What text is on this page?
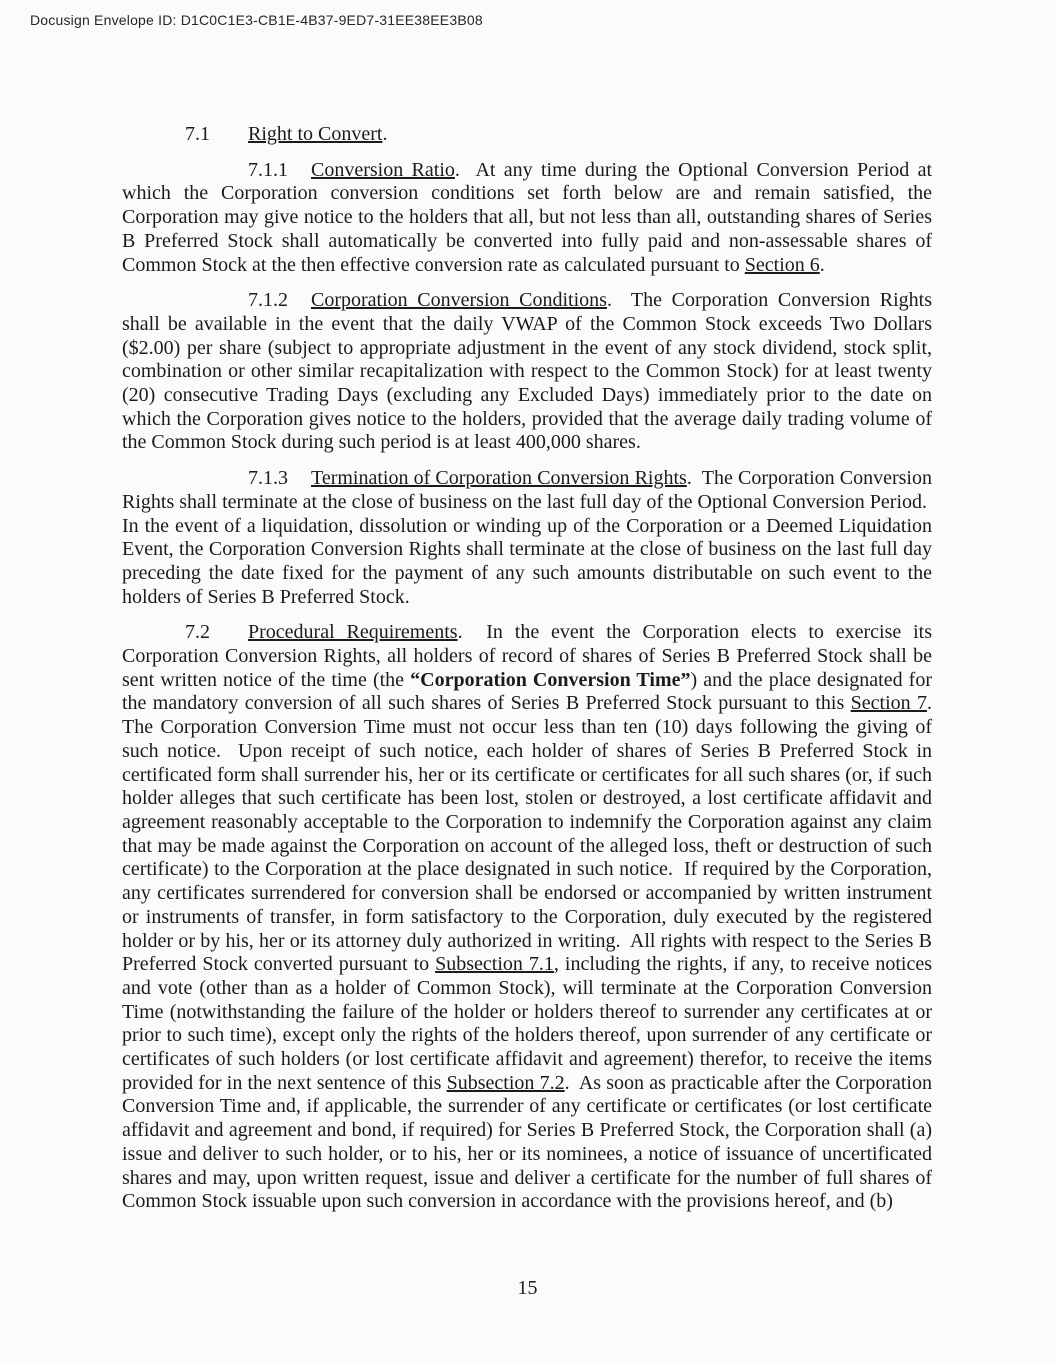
Docusign Envelope ID: D1C0C1E3-CB1E-4B37-9ED7-31EE38EE3B08

7.1 Right to Convert.

7.1.1 Conversion Ratio.  At any time during the Optional Conversion Period at which the Corporation conversion conditions set forth below are and remain satisfied, the Corporation may give notice to the holders that all, but not less than all, outstanding shares of Series B Preferred Stock shall automatically be converted into fully paid and non-assessable shares of Common Stock at the then effective conversion rate as calculated pursuant to Section 6.

7.1.2 Corporation Conversion Conditions.  The Corporation Conversion Rights shall be available in the event that the daily VWAP of the Common Stock exceeds Two Dollars ($2.00) per share (subject to appropriate adjustment in the event of any stock dividend, stock split, combination or other similar recapitalization with respect to the Common Stock) for at least twenty (20) consecutive Trading Days (excluding any Excluded Days) immediately prior to the date on which the Corporation gives notice to the holders, provided that the average daily trading volume of the Common Stock during such period is at least 400,000 shares.

7.1.3 Termination of Corporation Conversion Rights.  The Corporation Conversion Rights shall terminate at the close of business on the last full day of the Optional Conversion Period.  In the event of a liquidation, dissolution or winding up of the Corporation or a Deemed Liquidation Event, the Corporation Conversion Rights shall terminate at the close of business on the last full day preceding the date fixed for the payment of any such amounts distributable on such event to the holders of Series B Preferred Stock.

7.2 Procedural Requirements.  In the event the Corporation elects to exercise its Corporation Conversion Rights, all holders of record of shares of Series B Preferred Stock shall be sent written notice of the time (the “Corporation Conversion Time”) and the place designated for the mandatory conversion of all such shares of Series B Preferred Stock pursuant to this Section 7. The Corporation Conversion Time must not occur less than ten (10) days following the giving of such notice.  Upon receipt of such notice, each holder of shares of Series B Preferred Stock in certificated form shall surrender his, her or its certificate or certificates for all such shares (or, if such holder alleges that such certificate has been lost, stolen or destroyed, a lost certificate affidavit and agreement reasonably acceptable to the Corporation to indemnify the Corporation against any claim that may be made against the Corporation on account of the alleged loss, theft or destruction of such certificate) to the Corporation at the place designated in such notice.  If required by the Corporation, any certificates surrendered for conversion shall be endorsed or accompanied by written instrument or instruments of transfer, in form satisfactory to the Corporation, duly executed by the registered holder or by his, her or its attorney duly authorized in writing.  All rights with respect to the Series B Preferred Stock converted pursuant to Subsection 7.1, including the rights, if any, to receive notices and vote (other than as a holder of Common Stock), will terminate at the Corporation Conversion Time (notwithstanding the failure of the holder or holders thereof to surrender any certificates at or prior to such time), except only the rights of the holders thereof, upon surrender of any certificate or certificates of such holders (or lost certificate affidavit and agreement) therefor, to receive the items provided for in the next sentence of this Subsection 7.2.  As soon as practicable after the Corporation Conversion Time and, if applicable, the surrender of any certificate or certificates (or lost certificate affidavit and agreement and bond, if required) for Series B Preferred Stock, the Corporation shall (a) issue and deliver to such holder, or to his, her or its nominees, a notice of issuance of uncertificated shares and may, upon written request, issue and deliver a certificate for the number of full shares of Common Stock issuable upon such conversion in accordance with the provisions hereof, and (b)

15
